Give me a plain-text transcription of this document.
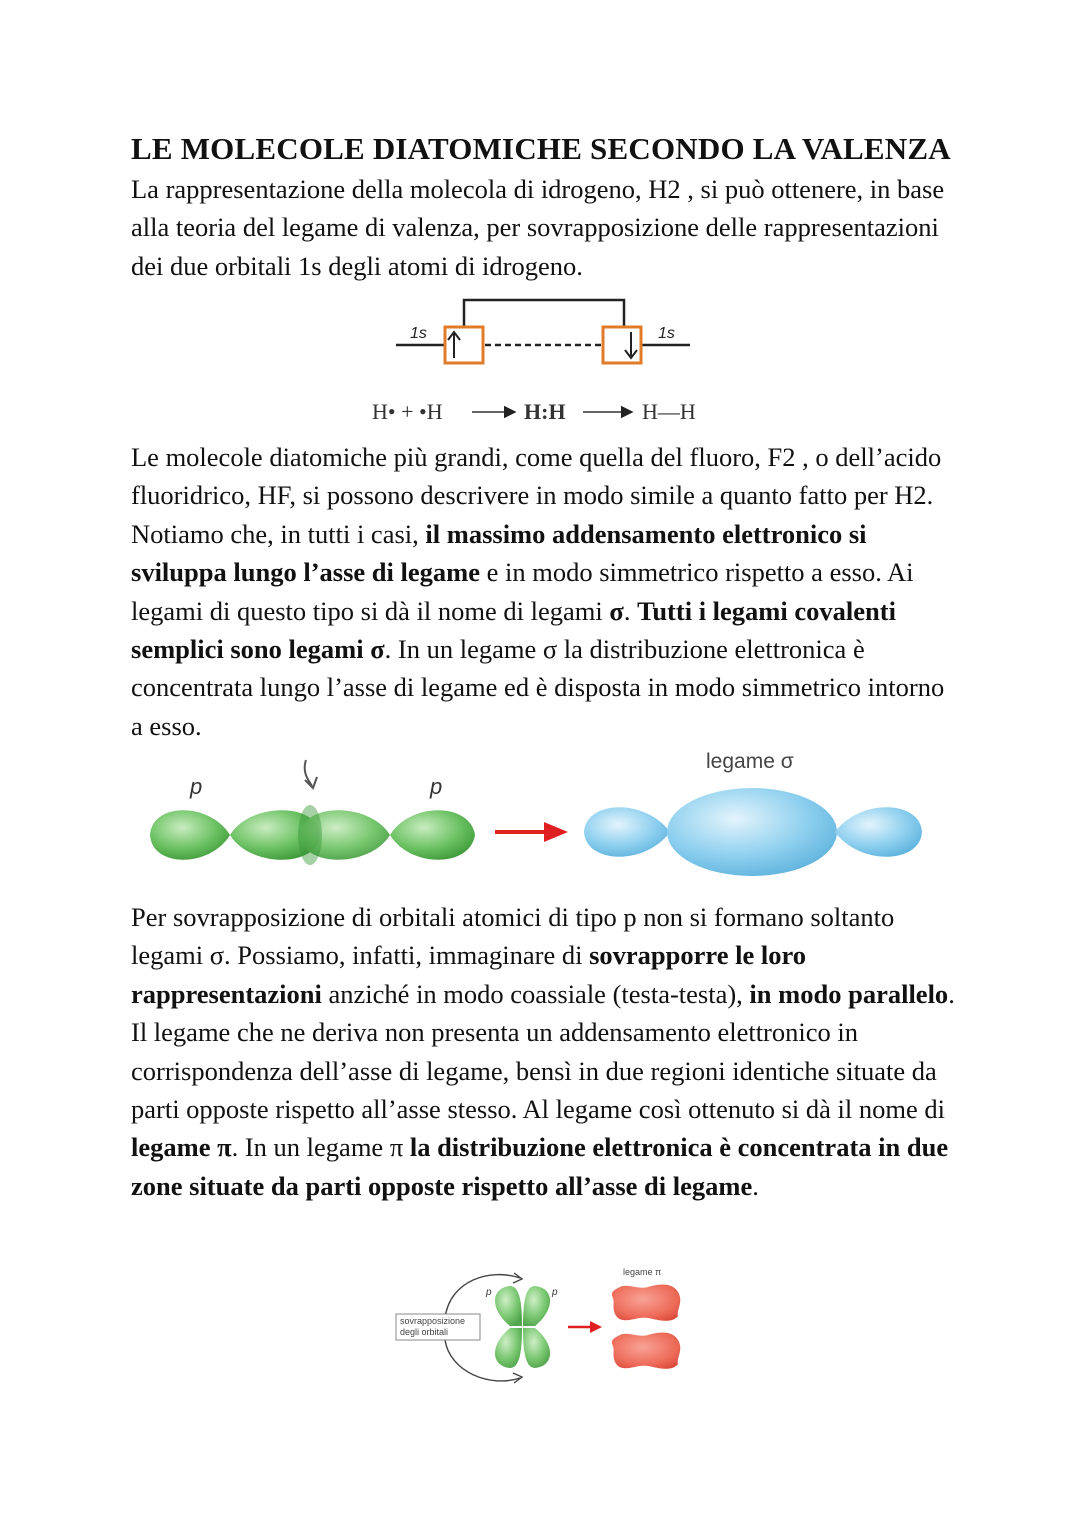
LE MOLECOLE DIATOMICHE SECONDO LA VALENZA
La rappresentazione della molecola di idrogeno, H2 , si può ottenere, in base alla teoria del legame di valenza, per sovrapposizione delle rappresentazioni dei due orbitali 1s degli atomi di idrogeno.
1s	1s
H• + •H	H:H	H—H
Le molecole diatomiche più grandi, come quella del fluoro, F2 , o dell’acido fluoridrico, HF, si possono descrivere in modo simile a quanto fatto per H2. Notiamo che, in tutti i casi, il massimo addensamento elettronico si sviluppa lungo l’asse di legame e in modo simmetrico rispetto a esso. Ai legami di questo tipo si dà il nome di legami σ. Tutti i legami covalenti semplici sono legami σ. In un legame σ la distribuzione elettronica è concentrata lungo l’asse di legame ed è disposta in modo simmetrico intorno a esso.
p	p
legame σ
Per sovrapposizione di orbitali atomici di tipo p non si formano soltanto legami σ. Possiamo, infatti, immaginare di sovrapporre le loro rappresentazioni anziché in modo coassiale (testa-testa), in modo parallelo. Il legame che ne deriva non presenta un addensamento elettronico in corrispondenza dell’asse di legame, bensì in due regioni identiche situate da parti opposte rispetto all’asse stesso. Al legame così ottenuto si dà il nome di legame π. In un legame π la distribuzione elettronica è concentrata in due zone situate da parti opposte rispetto all’asse di legame.
sovrapposizione
degli orbitali
p	p
legame π
